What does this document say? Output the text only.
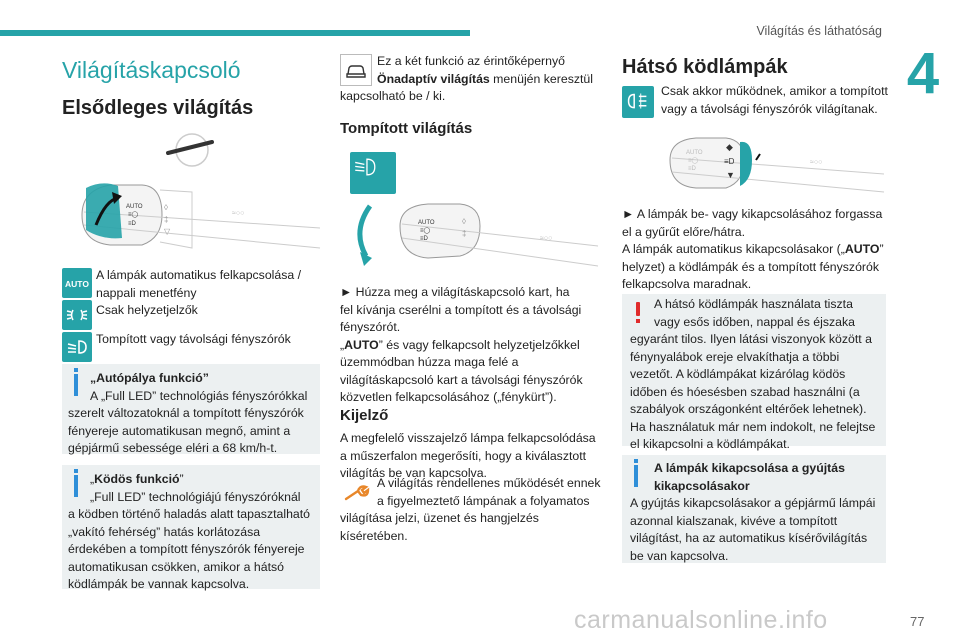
Világítás és láthatóság
4
Világításkapcsoló
Elsődleges világítás
AUTO
≡◯
≡D
◊
‡
▽
≈○○
AUTO
A lámpák automatikus felkapcsolása /
nappali menetfény
Csak helyzetjelzők
Tompított vagy távolsági fényszórók
„Autópálya funkció”
A „Full LED” technológiás fényszórókkal
szerelt változatoknál a tompított fényszórók
fényereje automatikusan megnő, amint a
gépjármű sebessége eléri a 68 km/h-t.
„Ködös funkció”
„Full LED” technológiájú fényszóróknál
a ködben történő haladás alatt tapasztalható
„vakító fehérség” hatás korlátozása
érdekében a tompított fényszórók fényereje
automatikusan csökken, amikor a hátsó
ködlámpák be vannak kapcsolva.
Ez a két funkció az érintőképernyő
Önadaptív világítás menüjén keresztül
kapcsolható be / ki.
Tompított világítás
AUTO
≡◯
≡D
◊
‡
≈○○
► Húzza meg a világításkapcsoló kart, ha
fel kívánja cserélni a tompított és a távolsági
fényszórót.
„AUTO” és vagy felkapcsolt helyzetjelzőkkel
üzemmódban húzza maga felé a
világításkapcsoló kart a távolsági fényszórók
közvetlen felkapcsolásához („fénykürt”).
Kijelző
A megfelelő visszajelző lámpa felkapcsolódása
a műszerfalon megerősíti, hogy a kiválasztott
világítás be van kapcsolva.
A világítás rendellenes működését ennek
a figyelmeztető lámpának a folyamatos
világítása jelzi, üzenet és hangjelzés
kíséretében.
Hátsó ködlámpák
Csak akkor működnek, amikor a tompított
vagy a távolsági fényszórók világítanak.
AUTO
≡◯
≡D
◆
≡D
▼
≈○○
► A lámpák be- vagy kikapcsolásához forgassa
el a gyűrűt előre/hátra.
A lámpák automatikus kikapcsolásakor („AUTO”
helyzet) a ködlámpák és a tompított fényszórók
felkapcsolva maradnak.
A hátsó ködlámpák használata tiszta
vagy esős időben, nappal és éjszaka
egyaránt tilos. Ilyen látási viszonyok között a
fénynyalábok ereje elvakíthatja a többi
vezetőt. A ködlámpákat kizárólag ködös
időben és hóesésben szabad használni (a
szabályok országonként eltérőek lehetnek).
Ha használatuk már nem indokolt, ne felejtse
el kikapcsolni a ködlámpákat.
A lámpák kikapcsolása a gyújtás
kikapcsolásakor
A gyújtás kikapcsolásakor a gépjármű lámpái
azonnal kialszanak, kivéve a tompított
világítást, ha az automatikus kísérővilágítás
be van kapcsolva.
carmanualsonline.info	77
